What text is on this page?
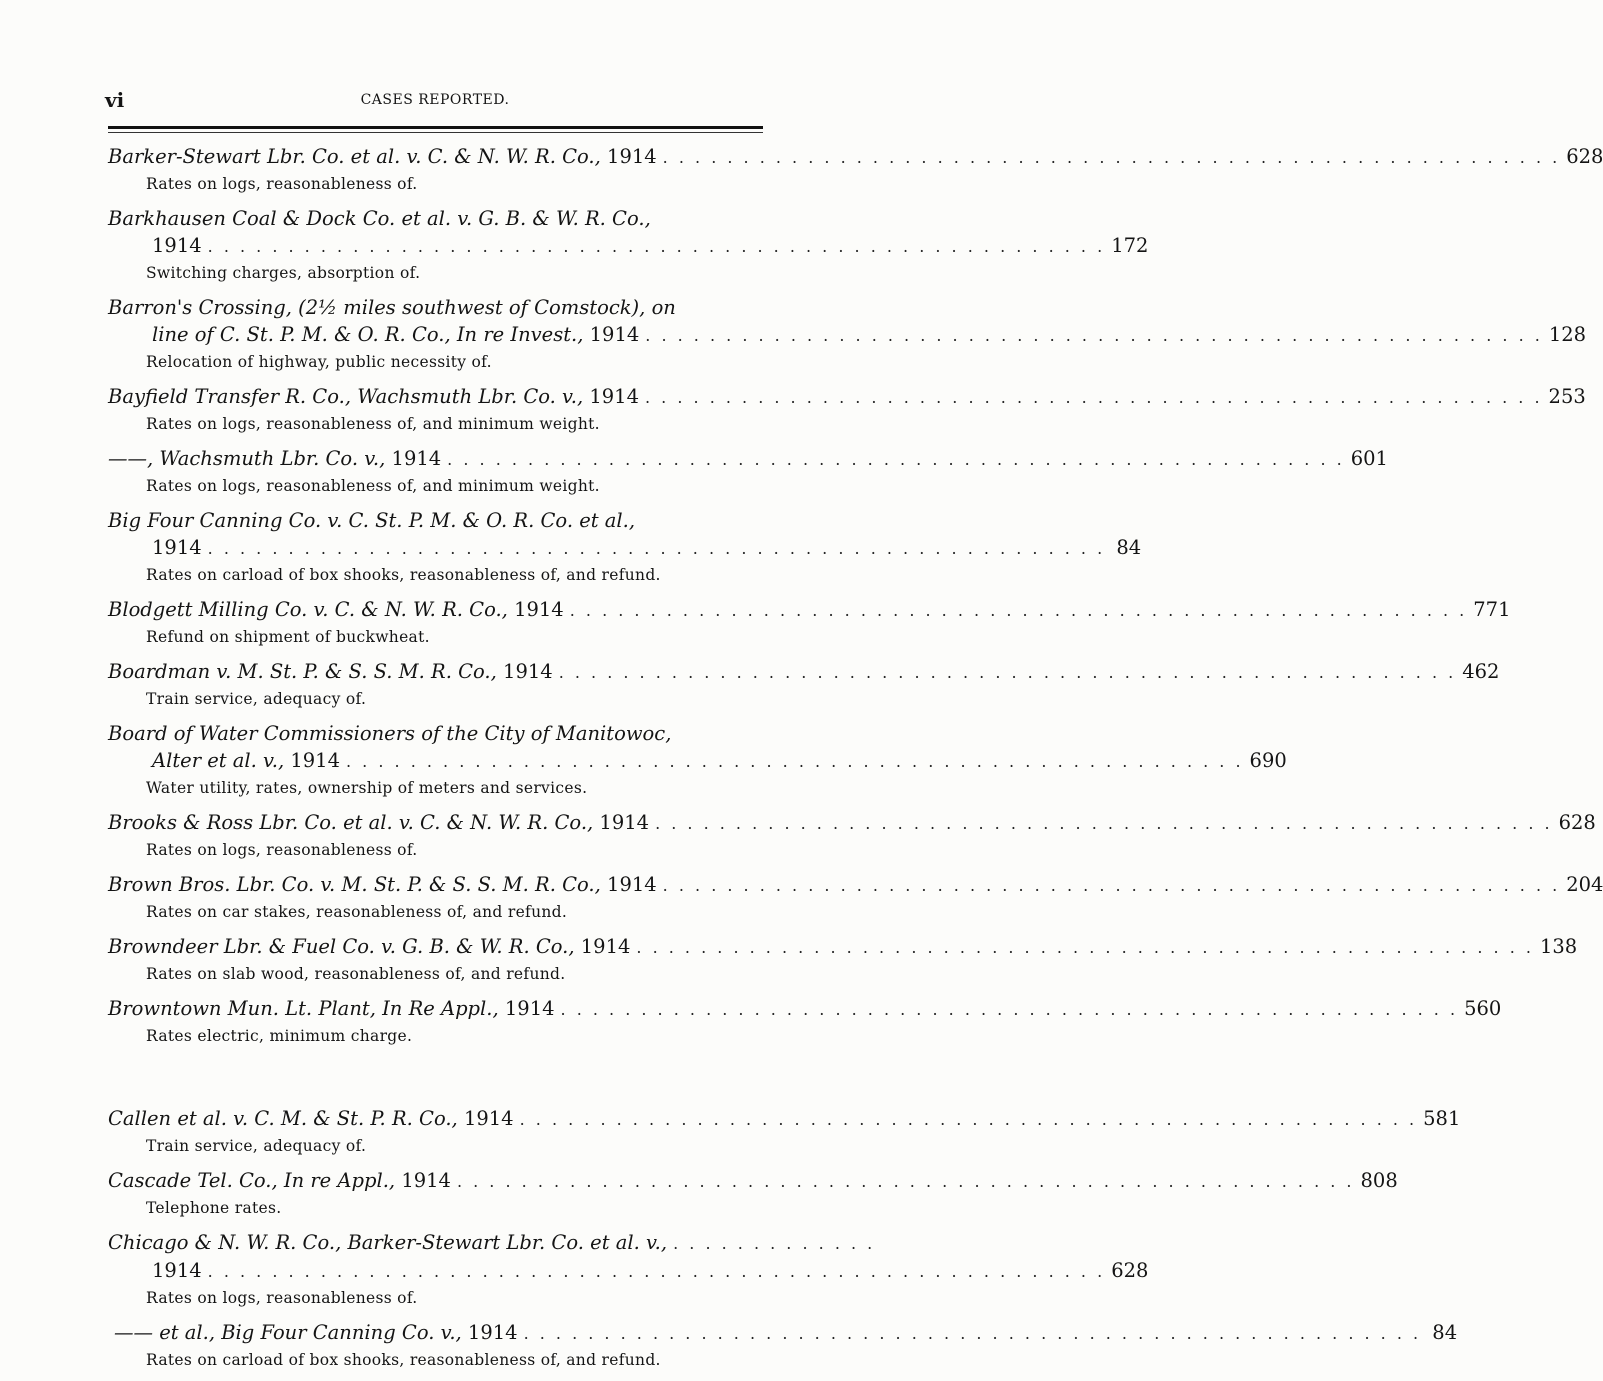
vi	CASES REPORTED.
Barker-Stewart Lbr. Co. et al. v. C. & N. W. R. Co.,
1914 . . . . . . . . . . . . . . . . . . . . . . . . . . . . . . . . . . . . . . . . . . . . . . . . . . . . . . . . 628
Rates on logs, reasonableness of.
Barkhausen Coal & Dock Co. et al. v. G. B. & W. R. Co.,
1914 . . . . . . . . . . . . . . . . . . . . . . . . . . . . . . . . . . . . . . . . . . . . . . . . . . . . . . . . 172
Switching charges, absorption of.
Barron's Crossing, (2½ miles southwest of Comstock), on
line of C. St. P. M. & O. R. Co., In re Invest.,
1914 . . . . . . . . . . . . . . . . . . . . . . . . . . . . . . . . . . . . . . . . . . . . . . . . . . . . . . . . 128
Relocation of highway, public necessity of.
Bayfield Transfer R. Co., Wachsmuth Lbr. Co. v.,
1914 . . . . . . . . . . . . . . . . . . . . . . . . . . . . . . . . . . . . . . . . . . . . . . . . . . . . . . . . 253
Rates on logs, reasonableness of, and minimum weight.
——, Wachsmuth Lbr. Co. v.,
1914 . . . . . . . . . . . . . . . . . . . . . . . . . . . . . . . . . . . . . . . . . . . . . . . . . . . . . . . . 601
Rates on logs, reasonableness of, and minimum weight.
Big Four Canning Co. v. C. St. P. M. & O. R. Co. et al.,
1914 . . . . . . . . . . . . . . . . . . . . . . . . . . . . . . . . . . . . . . . . . . . . . . . . . . . . . . . . 84
Rates on carload of box shooks, reasonableness of, and refund.
Blodgett Milling Co. v. C. & N. W. R. Co.,
1914 . . . . . . . . . . . . . . . . . . . . . . . . . . . . . . . . . . . . . . . . . . . . . . . . . . . . . . . . 771
Refund on shipment of buckwheat.
Boardman v. M. St. P. & S. S. M. R. Co.,
1914 . . . . . . . . . . . . . . . . . . . . . . . . . . . . . . . . . . . . . . . . . . . . . . . . . . . . . . . . 462
Train service, adequacy of.
Board of Water Commissioners of the City of Manitowoc,
Alter et al. v.,
1914 . . . . . . . . . . . . . . . . . . . . . . . . . . . . . . . . . . . . . . . . . . . . . . . . . . . . . . . . 690
Water utility, rates, ownership of meters and services.
Brooks & Ross Lbr. Co. et al. v. C. & N. W. R. Co.,
1914 . . . . . . . . . . . . . . . . . . . . . . . . . . . . . . . . . . . . . . . . . . . . . . . . . . . . . . . . 628
Rates on logs, reasonableness of.
Brown Bros. Lbr. Co. v. M. St. P. & S. S. M. R. Co.,
1914 . . . . . . . . . . . . . . . . . . . . . . . . . . . . . . . . . . . . . . . . . . . . . . . . . . . . . . . . 204
Rates on car stakes, reasonableness of, and refund.
Browndeer Lbr. & Fuel Co. v. G. B. & W. R. Co.,
1914 . . . . . . . . . . . . . . . . . . . . . . . . . . . . . . . . . . . . . . . . . . . . . . . . . . . . . . . . 138
Rates on slab wood, reasonableness of, and refund.
Browntown Mun. Lt. Plant, In Re Appl.,
1914 . . . . . . . . . . . . . . . . . . . . . . . . . . . . . . . . . . . . . . . . . . . . . . . . . . . . . . . . 560
Rates electric, minimum charge.
Callen et al. v. C. M. & St. P. R. Co.,
1914 . . . . . . . . . . . . . . . . . . . . . . . . . . . . . . . . . . . . . . . . . . . . . . . . . . . . . . . . 581
Train service, adequacy of.
Cascade Tel. Co., In re Appl.,
1914 . . . . . . . . . . . . . . . . . . . . . . . . . . . . . . . . . . . . . . . . . . . . . . . . . . . . . . . . 808
Telephone rates.
Chicago & N. W. R. Co., Barker-Stewart Lbr. Co. et al. v., . . . . . . . . . . . . .
1914 . . . . . . . . . . . . . . . . . . . . . . . . . . . . . . . . . . . . . . . . . . . . . . . . . . . . . . . . 628
Rates on logs, reasonableness of.
—— et al., Big Four Canning Co. v.,
1914 . . . . . . . . . . . . . . . . . . . . . . . . . . . . . . . . . . . . . . . . . . . . . . . . . . . . . . . . 84
Rates on carload of box shooks, reasonableness of, and refund.
